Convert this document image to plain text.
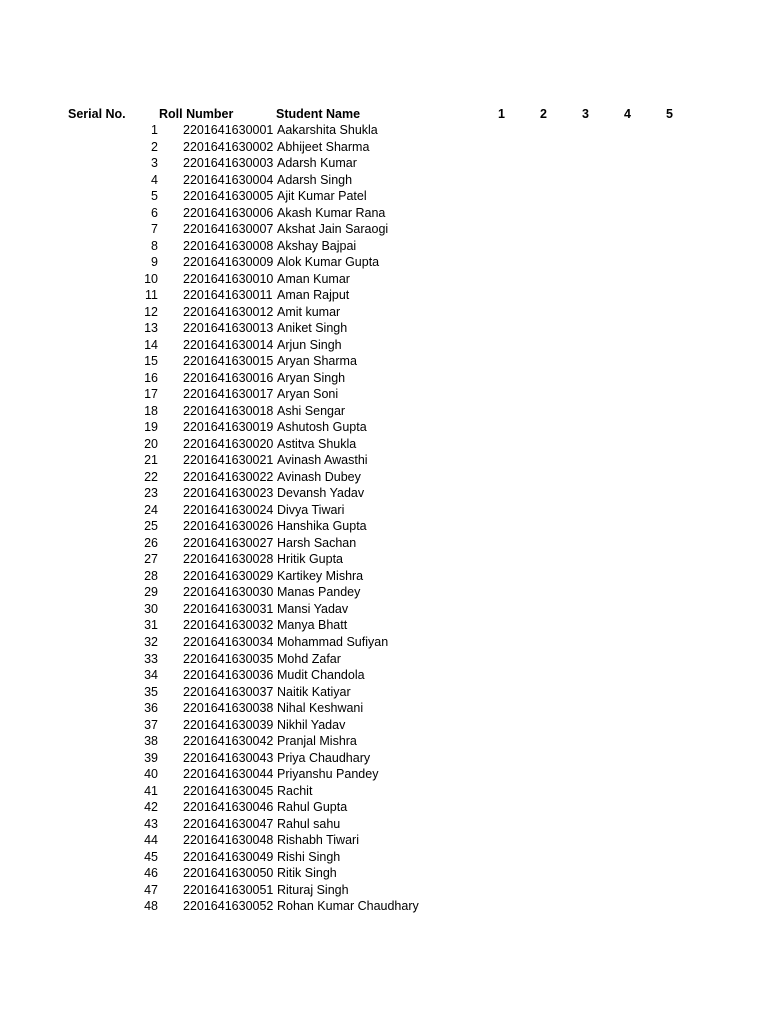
Serial No.	Roll Number	Student Name	1	2	3	4	5
1 2201641630001 Aakarshita Shukla
2 2201641630002 Abhijeet Sharma
3 2201641630003 Adarsh Kumar
4 2201641630004 Adarsh Singh
5 2201641630005 Ajit Kumar Patel
6 2201641630006 Akash Kumar Rana
7 2201641630007 Akshat Jain Saraogi
8 2201641630008 Akshay Bajpai
9 2201641630009 Alok Kumar Gupta
10 2201641630010 Aman Kumar
11 2201641630011 Aman Rajput
12 2201641630012 Amit kumar
13 2201641630013 Aniket Singh
14 2201641630014 Arjun Singh
15 2201641630015 Aryan Sharma
16 2201641630016 Aryan Singh
17 2201641630017 Aryan Soni
18 2201641630018 Ashi Sengar
19 2201641630019 Ashutosh Gupta
20 2201641630020 Astitva Shukla
21 2201641630021 Avinash Awasthi
22 2201641630022 Avinash Dubey
23 2201641630023 Devansh Yadav
24 2201641630024 Divya Tiwari
25 2201641630026 Hanshika Gupta
26 2201641630027 Harsh Sachan
27 2201641630028 Hritik Gupta
28 2201641630029 Kartikey Mishra
29 2201641630030 Manas Pandey
30 2201641630031 Mansi Yadav
31 2201641630032 Manya Bhatt
32 2201641630034 Mohammad Sufiyan
33 2201641630035 Mohd Zafar
34 2201641630036 Mudit Chandola
35 2201641630037 Naitik Katiyar
36 2201641630038 Nihal Keshwani
37 2201641630039 Nikhil Yadav
38 2201641630042 Pranjal Mishra
39 2201641630043 Priya Chaudhary
40 2201641630044 Priyanshu Pandey
41 2201641630045 Rachit
42 2201641630046 Rahul Gupta
43 2201641630047 Rahul sahu
44 2201641630048 Rishabh Tiwari
45 2201641630049 Rishi Singh
46 2201641630050 Ritik Singh
47 2201641630051 Rituraj Singh
48 2201641630052 Rohan Kumar Chaudhary
